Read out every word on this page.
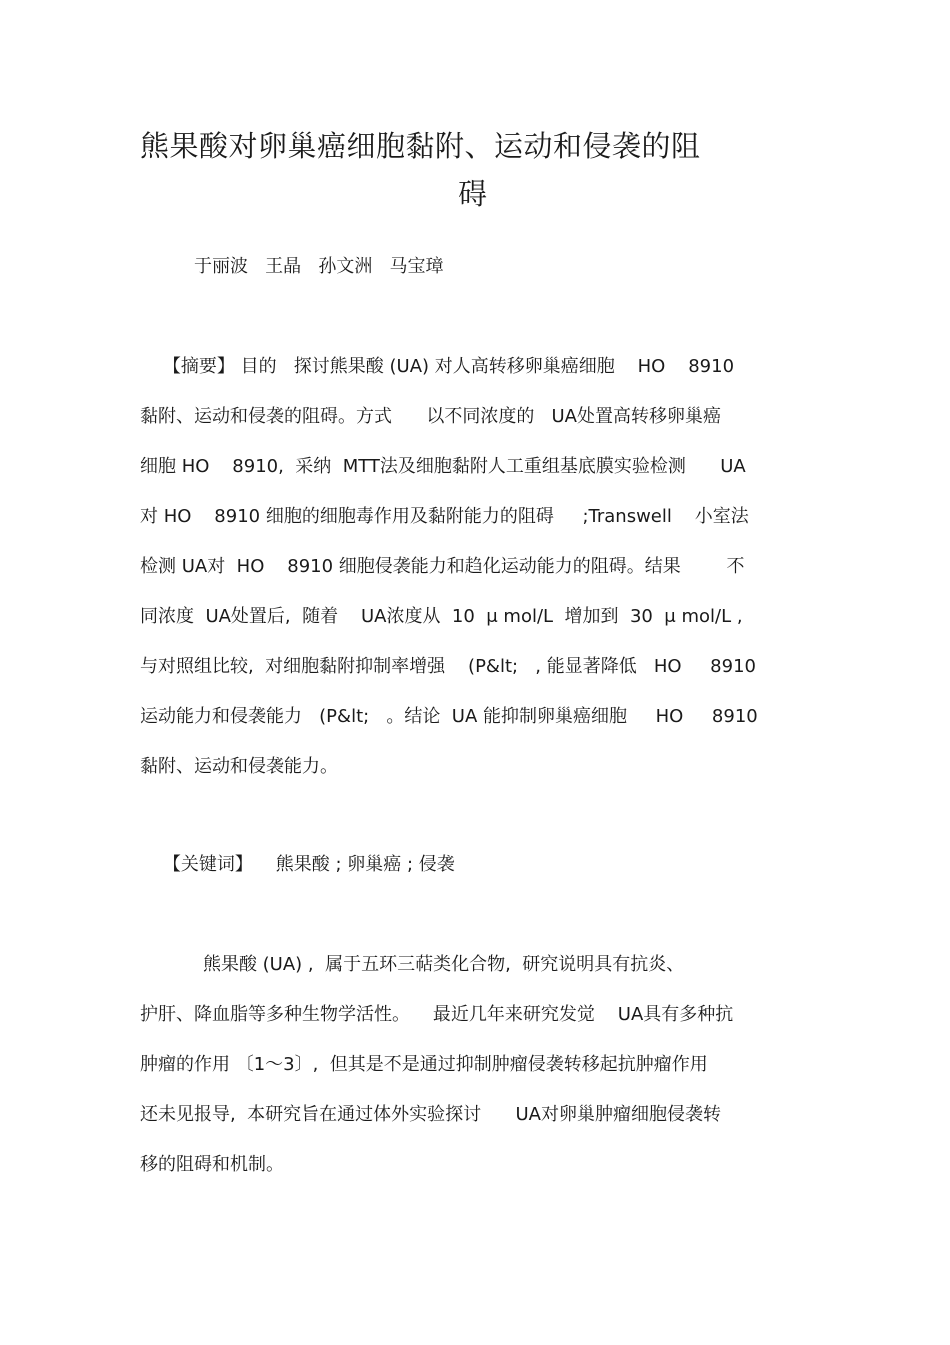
熊果酸对卵巢癌细胞黏附、运动和侵袭的阻
碍
于丽波   王晶   孙文洲   马宝璋
【摘要】 目的   探讨熊果酸 (UA) 对人高转移卵巢癌细胞    HO    8910
黏附、运动和侵袭的阻碍。方式      以不同浓度的   UA处置高转移卵巢癌
细胞 HO    8910,  采纳  MTT法及细胞黏附人工重组基底膜实验检测      UA
对 HO    8910 细胞的细胞毒作用及黏附能力的阻碍     ;Transwell    小室法
检测 UA对  HO    8910 细胞侵袭能力和趋化运动能力的阻碍。结果        不
同浓度  UA处置后,  随着    UA浓度从  10  μ mol/L  增加到  30  μ mol/L ,
与对照组比较,  对细胞黏附抑制率增强    (P&lt;   , 能显著降低   HO     8910
运动能力和侵袭能力   (P&lt;   。结论  UA 能抑制卵巢癌细胞     HO     8910
黏附、运动和侵袭能力。
【关键词】    熊果酸 ; 卵巢癌 ; 侵袭
熊果酸 (UA) ,  属于五环三萜类化合物,  研究说明具有抗炎、
护肝、降血脂等多种生物学活性。    最近几年来研究发觉    UA具有多种抗
肿瘤的作用 〔1～3〕,  但其是不是通过抑制肿瘤侵袭转移起抗肿瘤作用
还未见报导,  本研究旨在通过体外实验探讨      UA对卵巢肿瘤细胞侵袭转
移的阻碍和机制。
